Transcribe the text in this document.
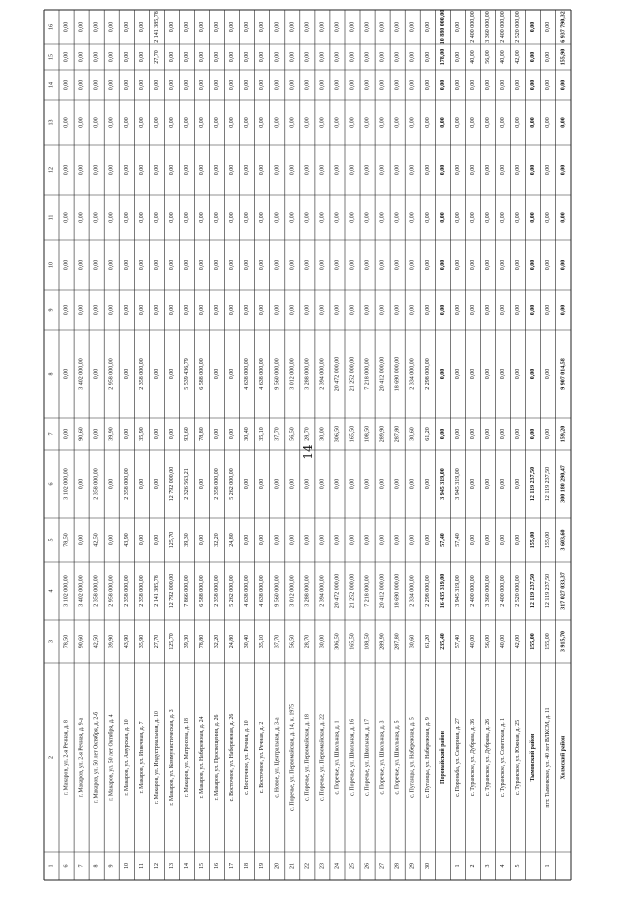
14
1
2
3
4
5
6
7
8
9
10
11
12
13
14
15
16
6
г. Макаров, ул. 2-я Речная, д. 8
78,50
3 102 000,00
78,50
3 102 000,00
0,00
0,00
0,00
0,00
0,00
0,00
0,00
0,00
0,00
0,00
7
г. Макаров, ул. 2-я Речная, д. 9-а
90,60
3 402 000,00
0,00
0,00
90,60
3 402 000,00
0,00
0,00
0,00
0,00
0,00
0,00
0,00
0,00
8
г. Макаров, ул. 50 лет Октября, д. 2-б
42,50
2 358 000,00
42,50
2 358 000,00
0,00
0,00
0,00
0,00
0,00
0,00
0,00
0,00
0,00
0,00
9
г. Макаров, ул. 50 лет Октября, д. 4
39,90
2 958 000,00
0,00
0,00
39,90
2 958 000,00
0,00
0,00
0,00
0,00
0,00
0,00
0,00
0,00
10
г. Макаров, ул. Амурская, д. 10
43,90
2 358 000,00
43,90
2 358 000,00
0,00
0,00
0,00
0,00
0,00
0,00
0,00
0,00
0,00
0,00
11
г. Макаров, ул. Извечная, д. 7
35,90
2 358 000,00
0,00
0,00
35,90
2 358 000,00
0,00
0,00
0,00
0,00
0,00
0,00
0,00
0,00
12
г. Макаров, ул. Индустриальная, д. 10
27,70
2 141 385,78
0,00
0,00
0,00
0,00
0,00
0,00
0,00
0,00
0,00
0,00
27,70
2 141 385,78
13
г. Макаров, ул. Коммунистическая, д. 3
125,70
12 792 000,00
125,70
12 792 000,00
0,00
0,00
0,00
0,00
0,00
0,00
0,00
0,00
0,00
0,00
14
г. Макаров, ул. Матросова, д. 18
39,30
7 866 000,00
39,30
2 326 563,21
93,60
5 539 436,79
0,00
0,00
0,00
0,00
0,00
0,00
0,00
0,00
15
г. Макаров, ул. Набережная, д. 24
78,80
6 588 000,00
0,00
0,00
78,80
6 588 000,00
0,00
0,00
0,00
0,00
0,00
0,00
0,00
0,00
16
г. Макаров, ул. Просвещения, д. 26
32,20
2 358 000,00
32,20
2 358 000,00
0,00
0,00
0,00
0,00
0,00
0,00
0,00
0,00
0,00
0,00
17
с. Восточное, ул. Набережная, д. 26
24,80
5 262 000,00
24,80
5 262 000,00
0,00
0,00
0,00
0,00
0,00
0,00
0,00
0,00
0,00
0,00
18
с. Восточное, ул. Речная, д. 10
30,40
4 638 000,00
0,00
0,00
30,40
4 638 000,00
0,00
0,00
0,00
0,00
0,00
0,00
0,00
0,00
19
с. Восточное, ул. Речная, д. 2
35,10
4 638 000,00
0,00
0,00
35,10
4 638 000,00
0,00
0,00
0,00
0,00
0,00
0,00
0,00
0,00
20
с. Новое, ул. Центральная, д. 3-а
37,70
9 560 000,00
0,00
0,00
37,70
9 560 000,00
0,00
0,00
0,00
0,00
0,00
0,00
0,00
0,00
21
с. Поречье, ул. Первомайская, д. 14, к. 1975
56,50
3 012 000,00
0,00
0,00
56,50
3 012 000,00
0,00
0,00
0,00
0,00
0,00
0,00
0,00
0,00
22
с. Поречье, ул. Первомайская, д. 18
28,70
3 288 000,00
0,00
0,00
28,70
3 288 000,00
0,00
0,00
0,00
0,00
0,00
0,00
0,00
0,00
23
с. Поречье, ул. Первомайская, д. 22
30,00
2 394 000,00
0,00
0,00
30,00
2 394 000,00
0,00
0,00
0,00
0,00
0,00
0,00
0,00
0,00
24
с. Поречье, ул. Школьная, д. 1
306,50
20 472 000,00
0,00
0,00
306,50
20 472 000,00
0,00
0,00
0,00
0,00
0,00
0,00
0,00
0,00
25
с. Поречье, ул. Школьная, д. 16
165,50
21 252 000,00
0,00
0,00
165,50
21 252 000,00
0,00
0,00
0,00
0,00
0,00
0,00
0,00
0,00
26
с. Поречье, ул. Школьная, д. 17
108,50
7 218 000,00
0,00
0,00
108,50
7 218 000,00
0,00
0,00
0,00
0,00
0,00
0,00
0,00
0,00
27
с. Поречье, ул. Школьная, д. 3
289,90
20 412 000,00
0,00
0,00
289,90
20 412 000,00
0,00
0,00
0,00
0,00
0,00
0,00
0,00
0,00
28
с. Поречье, ул. Школьная, д. 5
287,80
18 690 000,00
0,00
0,00
287,80
18 690 000,00
0,00
0,00
0,00
0,00
0,00
0,00
0,00
0,00
29
с. Пуганцы, ул. Набережная, д. 5
30,60
2 334 000,00
0,00
0,00
30,60
2 334 000,00
0,00
0,00
0,00
0,00
0,00
0,00
0,00
0,00
30
с. Пуганцы, ул. Набережная, д. 9
61,20
2 298 000,00
0,00
0,00
61,20
2 298 000,00
0,00
0,00
0,00
0,00
0,00
0,00
0,00
0,00
Поронайский район
235,40
16 435 319,00
57,40
3 945 319,00
0,00
0,00
0,00
0,00
0,00
0,00
0,00
0,00
178,00
10 880 000,00
1
с. Пороньба, ул. Северная, д. 27
57,40
3 945 319,00
57,40
3 945 319,00
0,00
0,00
0,00
0,00
0,00
0,00
0,00
0,00
0,00
0,00
2
с. Туранское, ул. Дубрава, д. 36
40,00
2 400 000,00
0,00
0,00
0,00
0,00
0,00
0,00
0,00
0,00
0,00
0,00
40,00
2 400 000,00
3
с. Туранское, ул. Дубрава, д. 26
56,00
3 360 000,00
0,00
0,00
0,00
0,00
0,00
0,00
0,00
0,00
0,00
0,00
56,00
3 360 000,00
4
с. Туранское, ул. Советская, д. 1
40,00
2 400 000,00
0,00
0,00
0,00
0,00
0,00
0,00
0,00
0,00
0,00
0,00
40,00
2 400 000,00
5
с. Туранское, ул. Южная, д. 25
42,00
2 520 000,00
0,00
0,00
0,00
0,00
0,00
0,00
0,00
0,00
0,00
0,00
42,00
2 520 000,00
Тымовский район
155,00
12 119 237,50
155,00
12 119 237,50
0,00
0,00
0,00
0,00
0,00
0,00
0,00
0,00
0,00
0,00
1
пгт. Тымовское, ул. 40 лет ВЛКСМ, д. 11
155,00
12 119 237,50
155,00
12 119 237,50
0,00
0,00
0,00
0,00
0,00
0,00
0,00
0,00
0,00
0,00
Холмский район
3 915,70
317 027 033,37
3 603,60
300 180 290,47
159,20
9 907 014,58
0,00
0,00
0,00
0,00
0,00
0,00
155,90
6 937 790,32
